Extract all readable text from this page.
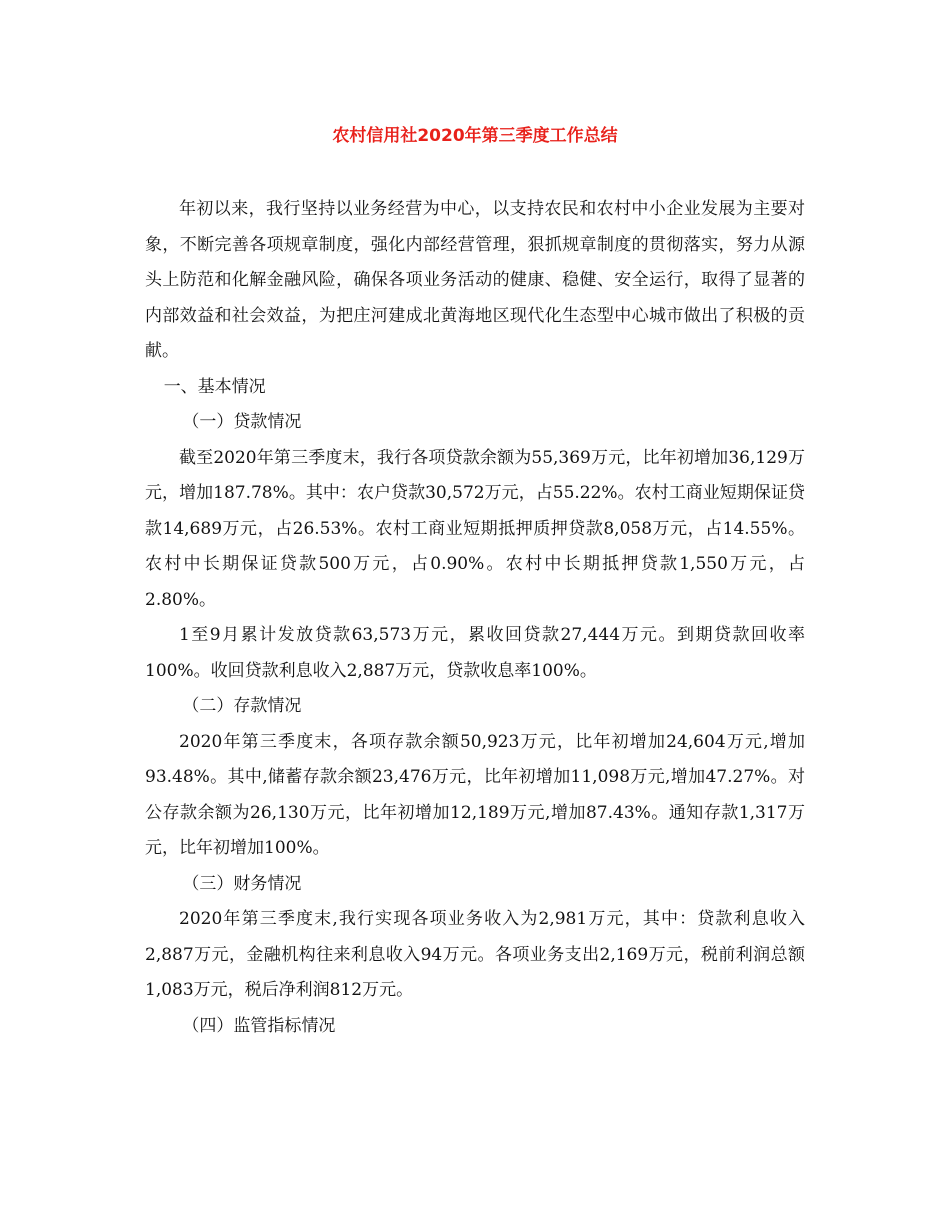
农村信用社2020年第三季度工作总结

年初以来，我行坚持以业务经营为中心，以支持农民和农村中小企业发展为主要对象，不断完善各项规章制度，强化内部经营管理，狠抓规章制度的贯彻落实，努力从源头上防范和化解金融风险，确保各项业务活动的健康、稳健、安全运行，取得了显著的内部效益和社会效益，为把庄河建成北黄海地区现代化生态型中心城市做出了积极的贡献。

一、基本情况

（一）贷款情况

截至2020年第三季度末，我行各项贷款余额为55,369万元，比年初增加36,129万元，增加187.78%。其中：农户贷款30,572万元，占55.22%。农村工商业短期保证贷款14,689万元，占26.53%。农村工商业短期抵押质押贷款8,058万元，占14.55%。农村中长期保证贷款500万元，占0.90%。农村中长期抵押贷款1,550万元，占2.80%。

1至9月累计发放贷款63,573万元，累收回贷款27,444万元。到期贷款回收率100%。收回贷款利息收入2,887万元，贷款收息率100%。

（二）存款情况

2020年第三季度末，各项存款余额50,923万元，比年初增加24,604万元,增加93.48%。其中,储蓄存款余额23,476万元，比年初增加11,098万元,增加47.27%。对公存款余额为26,130万元，比年初增加12,189万元,增加87.43%。通知存款1,317万元，比年初增加100%。

（三）财务情况

2020年第三季度末,我行实现各项业务收入为2,981万元，其中：贷款利息收入2,887万元，金融机构往来利息收入94万元。各项业务支出2,169万元，税前利润总额1,083万元，税后净利润812万元。

（四）监管指标情况
